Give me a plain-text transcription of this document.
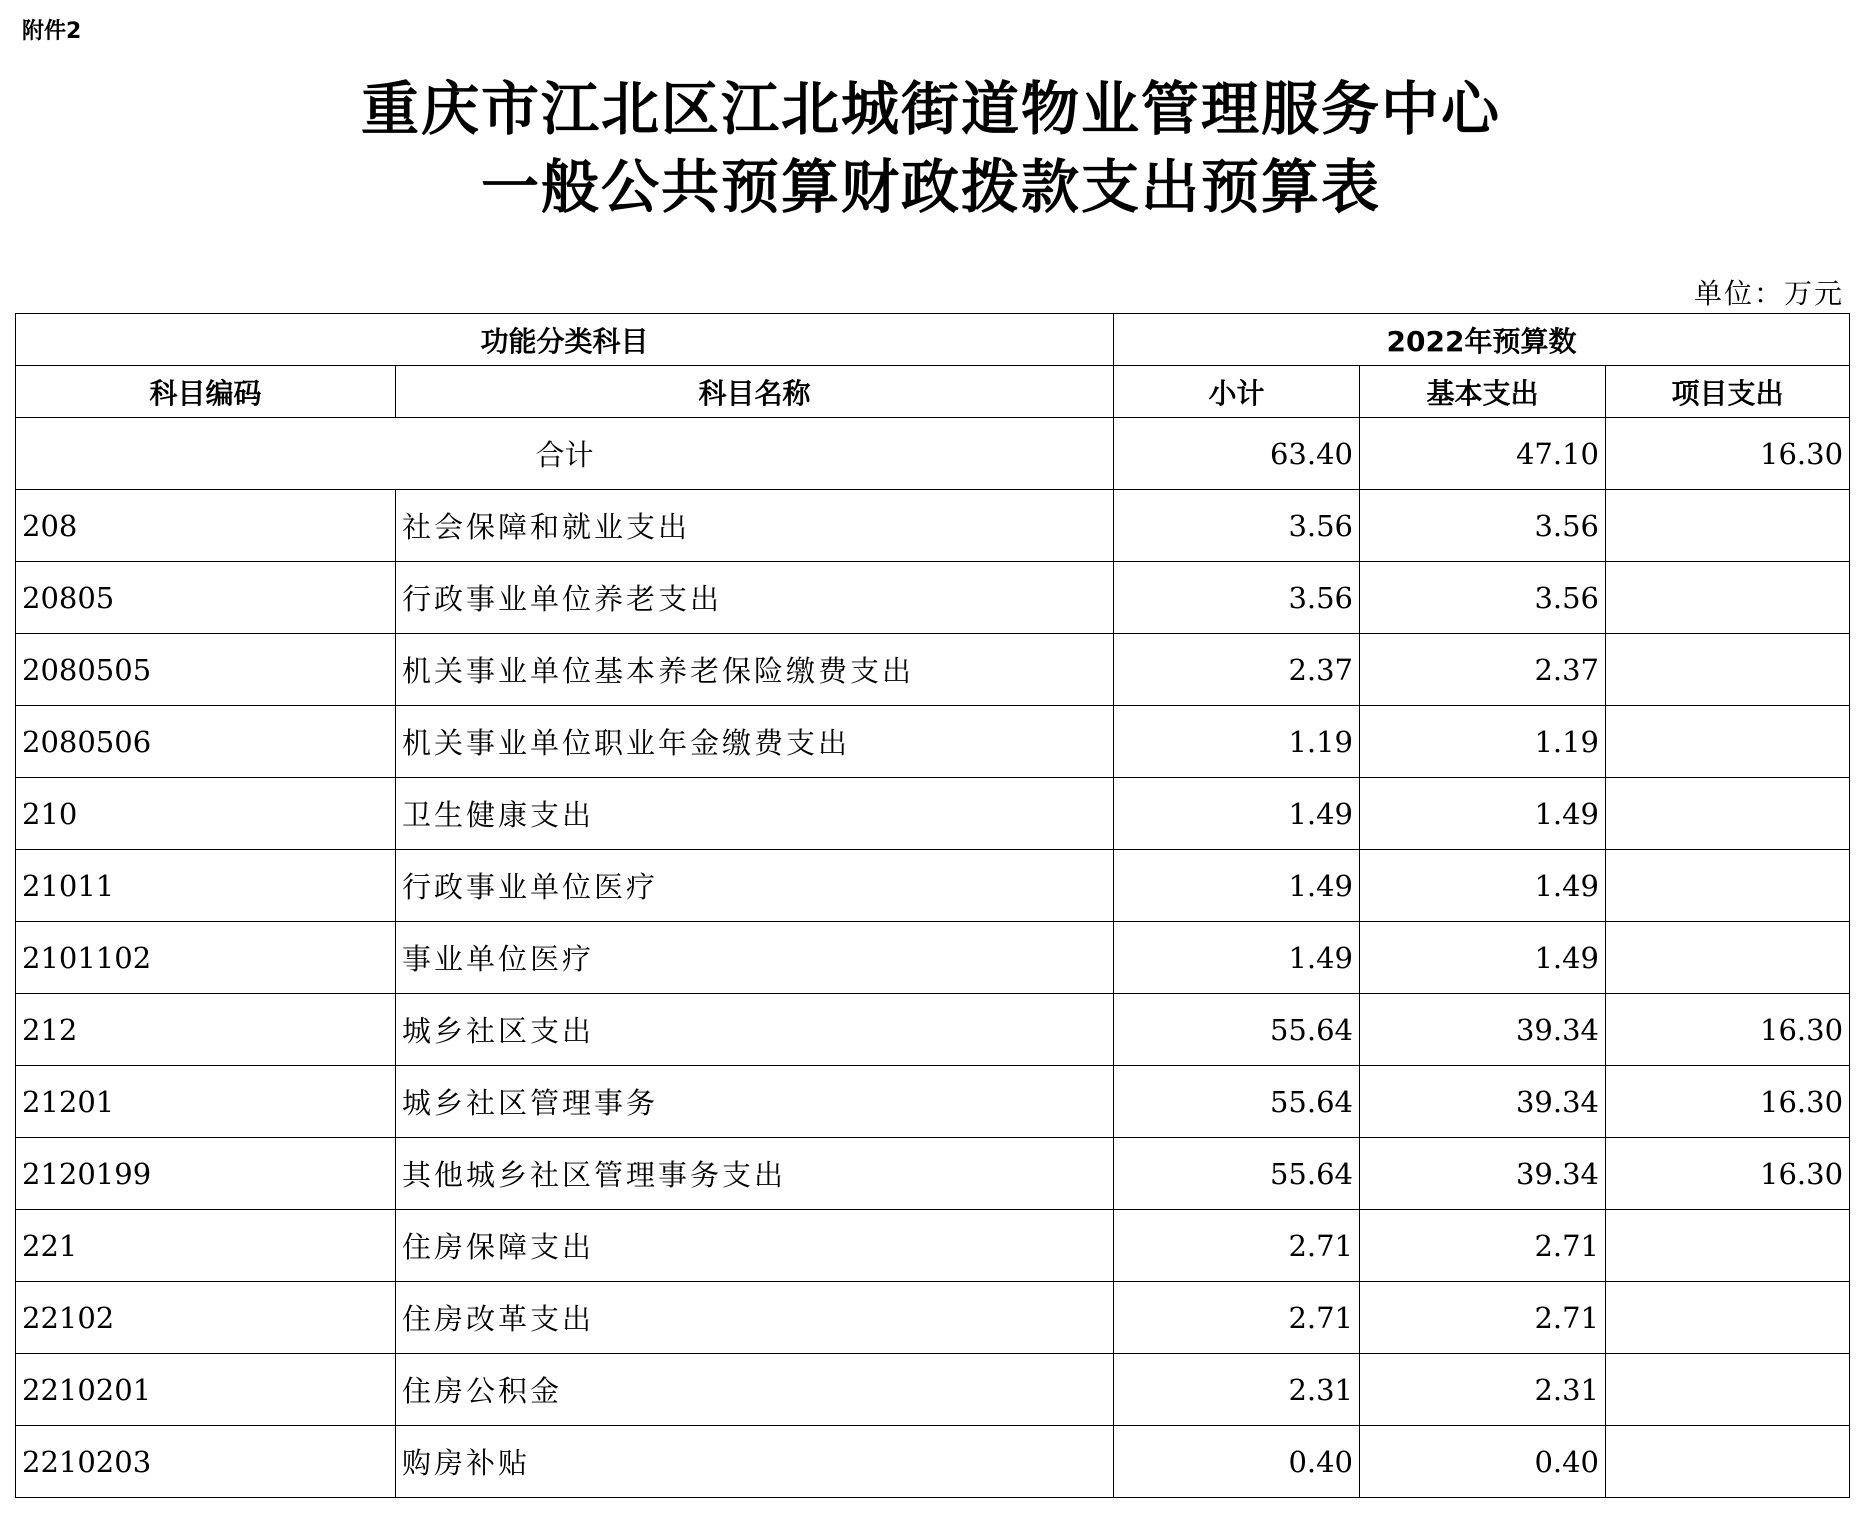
附件2
重庆市江北区江北城街道物业管理服务中心
一般公共预算财政拨款支出预算表
单位：万元
功能分类科目		2022年预算数		
科目编码	科目名称	小计	基本支出	项目支出
合计		63.40	47.10	16.30
208	社会保障和就业支出	3.56	3.56	
20805	行政事业单位养老支出	3.56	3.56	
2080505	机关事业单位基本养老保险缴费支出	2.37	2.37	
2080506	机关事业单位职业年金缴费支出	1.19	1.19	
210	卫生健康支出	1.49	1.49	
21011	行政事业单位医疗	1.49	1.49	
2101102	事业单位医疗	1.49	1.49	
212	城乡社区支出	55.64	39.34	16.30
21201	城乡社区管理事务	55.64	39.34	16.30
2120199	其他城乡社区管理事务支出	55.64	39.34	16.30
221	住房保障支出	2.71	2.71	
22102	住房改革支出	2.71	2.71	
2210201	住房公积金	2.31	2.31	
2210203	购房补贴	0.40	0.40	
